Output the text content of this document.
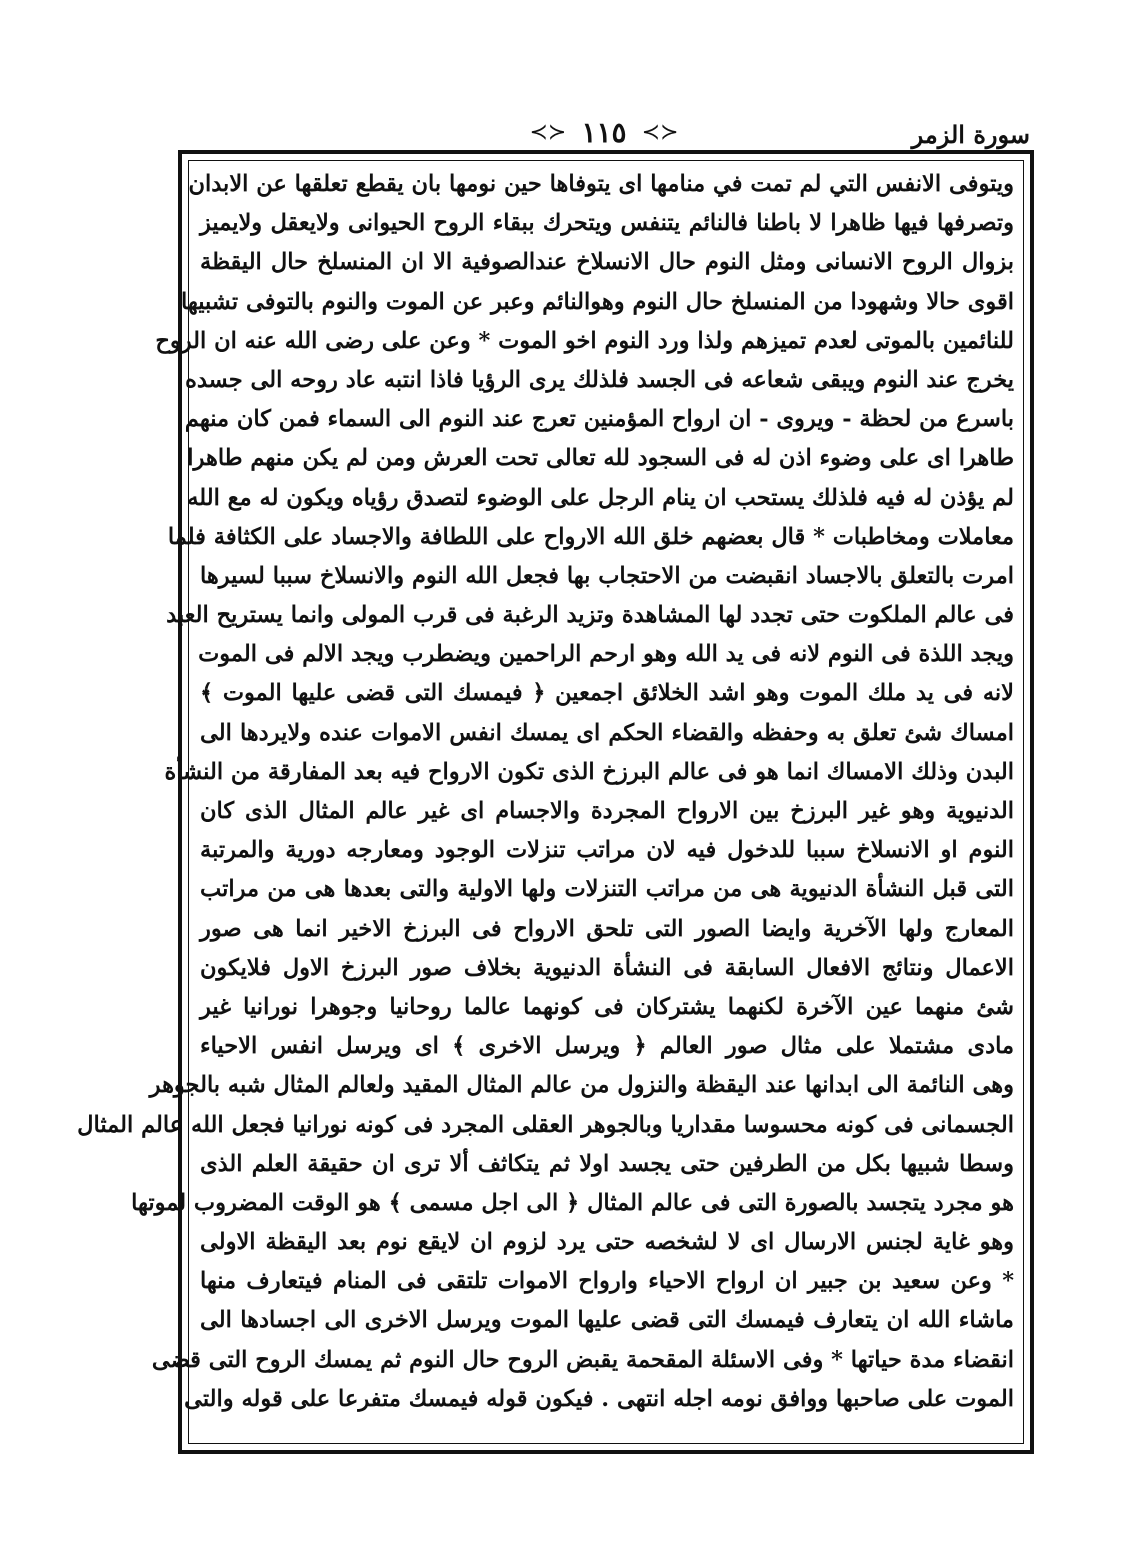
سورة الزمر
≺≻ ١١٥ ≺≻
ويتوفى الانفس التي لم تمت في منامها اى يتوفاها حين نومها بان يقطع تعلقها عن الابدان
وتصرفها فيها ظاهرا لا باطنا فالنائم يتنفس ويتحرك ببقاء الروح الحيوانى ولايعقل ولايميز
بزوال الروح الانسانى ومثل النوم حال الانسلاخ عندالصوفية الا ان المنسلخ حال اليقظة
اقوى حالا وشهودا من المنسلخ حال النوم وهوالنائم وعبر عن الموت والنوم بالتوفى تشبيها
للنائمين بالموتى لعدم تميزهم ولذا ورد النوم اخو الموت * وعن على رضى الله عنه ان الروح
يخرج عند النوم ويبقى شعاعه فى الجسد فلذلك يرى الرؤيا فاذا انتبه عاد روحه الى جسده
باسرع من لحظة - ويروى - ان ارواح المؤمنين تعرج عند النوم الى السماء فمن كان منهم
طاهرا اى على وضوء اذن له فى السجود لله تعالى تحت العرش ومن لم يكن منهم طاهرا
لم يؤذن له فيه فلذلك يستحب ان ينام الرجل على الوضوء لتصدق رؤياه ويكون له مع الله
معاملات ومخاطبات * قال بعضهم خلق الله الارواح على اللطافة والاجساد على الكثافة فلما
امرت بالتعلق بالاجساد انقبضت من الاحتجاب بها فجعل الله النوم والانسلاخ سببا لسيرها
فى عالم الملكوت حتى تجدد لها المشاهدة وتزيد الرغبة فى قرب المولى وانما يستريح العبد
ويجد اللذة فى النوم لانه فى يد الله وهو ارحم الراحمين ويضطرب ويجد الالم فى الموت
لانه فى يد ملك الموت وهو اشد الخلائق اجمعين ﴿ فيمسك التى قضى عليها الموت ﴾
امساك شئ تعلق به وحفظه والقضاء الحكم اى يمسك انفس الاموات عنده ولايردها الى
البدن وذلك الامساك انما هو فى عالم البرزخ الذى تكون الارواح فيه بعد المفارقة من النشأة
الدنيوية وهو غير البرزخ بين الارواح المجردة والاجسام اى غير عالم المثال الذى كان
النوم او الانسلاخ سببا للدخول فيه لان مراتب تنزلات الوجود ومعارجه دورية والمرتبة
التى قبل النشأة الدنيوية هى من مراتب التنزلات ولها الاولية والتى بعدها هى من مراتب
المعارج ولها الآخرية وايضا الصور التى تلحق الارواح فى البرزخ الاخير انما هى صور
الاعمال ونتائج الافعال السابقة فى النشأة الدنيوية بخلاف صور البرزخ الاول فلايكون
شئ منهما عين الآخرة لكنهما يشتركان فى كونهما عالما روحانيا وجوهرا نورانيا غير
مادى مشتملا على مثال صور العالم ﴿ ويرسل الاخرى ﴾ اى ويرسل انفس الاحياء
وهى النائمة الى ابدانها عند اليقظة والنزول من عالم المثال المقيد ولعالم المثال شبه بالجوهر
الجسمانى فى كونه محسوسا مقداريا وبالجوهر العقلى المجرد فى كونه نورانيا فجعل الله عالم المثال
وسطا شبيها بكل من الطرفين حتى يجسد اولا ثم يتكاثف ألا ترى ان حقيقة العلم الذى
هو مجرد يتجسد بالصورة التى فى عالم المثال ﴿ الى اجل مسمى ﴾ هو الوقت المضروب لموتها
وهو غاية لجنس الارسال اى لا لشخصه حتى يرد لزوم ان لايقع نوم بعد اليقظة الاولى
* وعن سعيد بن جبير ان ارواح الاحياء وارواح الاموات تلتقى فى المنام فيتعارف منها
ماشاء الله ان يتعارف فيمسك التى قضى عليها الموت ويرسل الاخرى الى اجسادها الى
انقضاء مدة حياتها * وفى الاسئلة المقحمة يقبض الروح حال النوم ثم يمسك الروح التى قضى
الموت على صاحبها ووافق نومه اجله انتهى . فيكون قوله فيمسك متفرعا على قوله والتى
